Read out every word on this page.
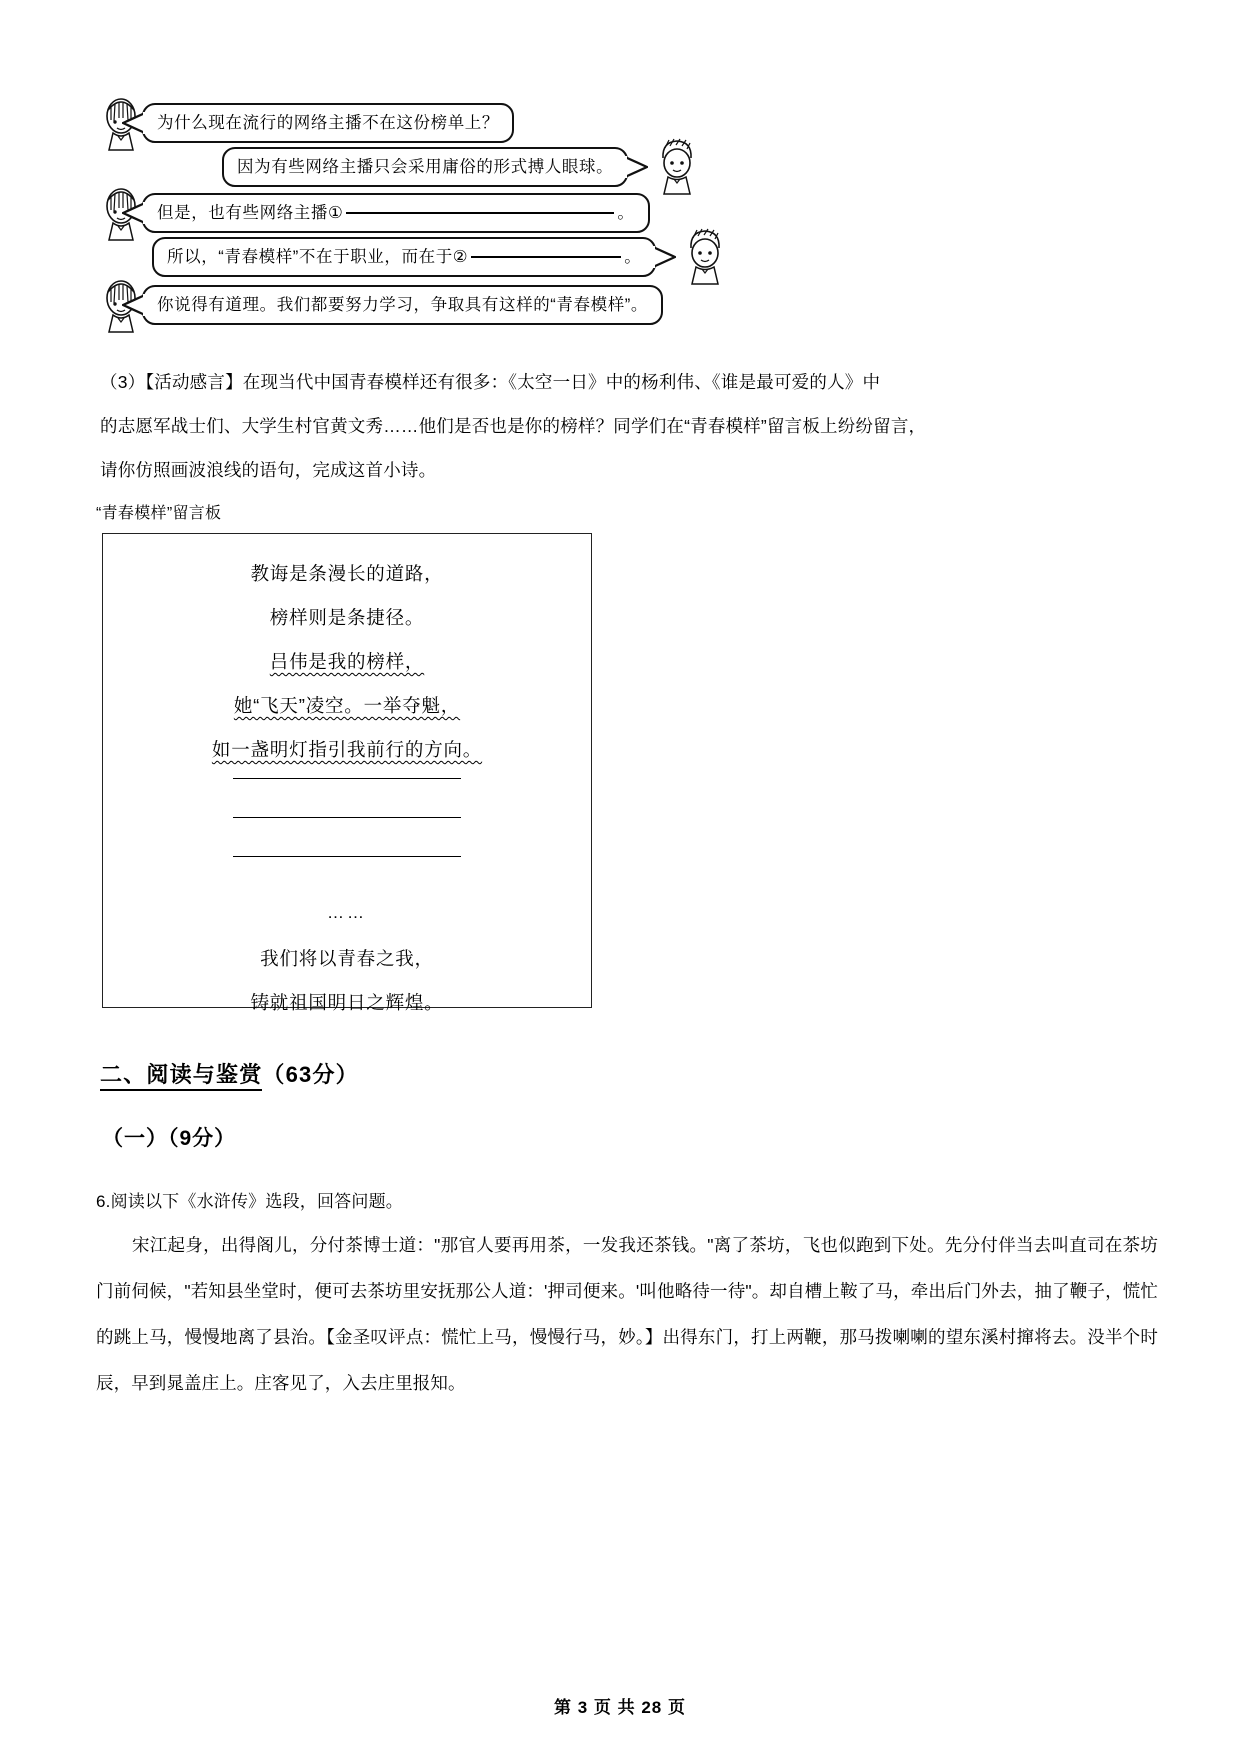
为什么现在流行的网络主播不在这份榜单上？
因为有些网络主播只会采用庸俗的形式搏人眼球。
但是，也有些网络主播①	。
所以，“青春模样”不在于职业，而在于②	。
你说得有道理。我们都要努力学习，争取具有这样的“青春模样”。
（3）【活动感言】在现当代中国青春模样还有很多：《太空一日》中的杨利伟、《谁是最可爱的人》中
的志愿军战士们、大学生村官黄文秀……他们是否也是你的榜样？同学们在“青春模样”留言板上纷纷留言，
请你仿照画波浪线的语句，完成这首小诗。
“青春模样”留言板
教诲是条漫长的道路，
榜样则是条捷径。
吕伟是我的榜样，
她“飞天”凌空。一举夺魁，
如一盏明灯指引我前行的方向。
……
我们将以青春之我，
铸就祖国明日之辉煌。
二、阅读与鉴赏（63分）
（一）（9分）
6.阅读以下《水浒传》选段，回答问题。

宋江起身，出得阁儿，分付茶博士道："那官人要再用茶，一发我还茶钱。"离了茶坊，飞也似跑到下处。先分付伴当去叫直司在茶坊门前伺候，"若知县坐堂时，便可去茶坊里安抚那公人道：'押司便来。'叫他略待一待"。却自槽上鞍了马，牵出后门外去，抽了鞭子，慌忙的跳上马，慢慢地离了县治。【金圣叹评点：慌忙上马，慢慢行马，妙。】出得东门，打上两鞭，那马拨喇喇的望东溪村撺将去。没半个时辰，早到晁盖庄上。庄客见了，入去庄里报知。

第 3 页 共 28 页
